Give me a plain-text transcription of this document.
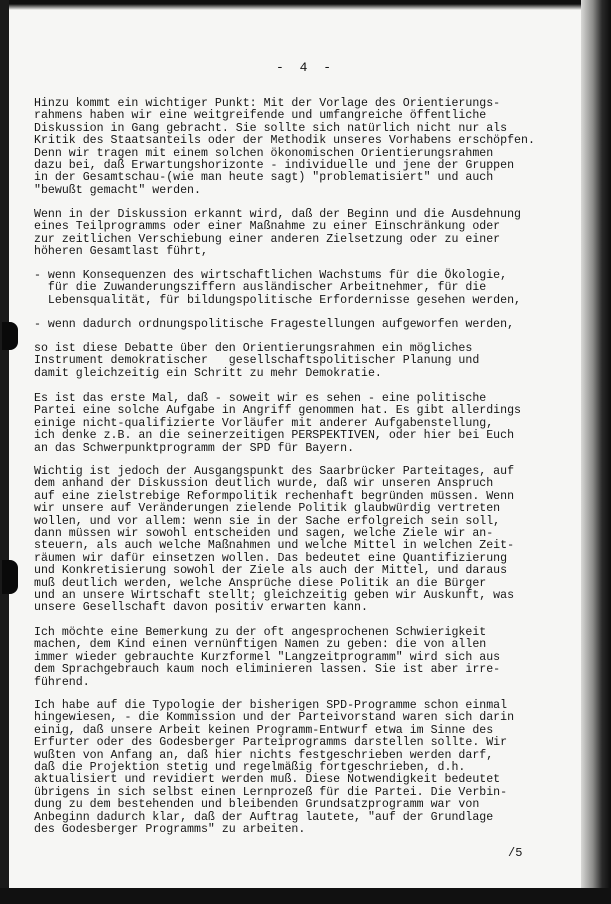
- 4 -
Hinzu kommt ein wichtiger Punkt: Mit der Vorlage des Orientierungs-
rahmens haben wir eine weitgreifende und umfangreiche öffentliche
Diskussion in Gang gebracht. Sie sollte sich natürlich nicht nur als
Kritik des Staatsanteils oder der Methodik unseres Vorhabens erschöpfen.
Denn wir tragen mit einem solchen ökonomischen Orientierungsrahmen
dazu bei, daß Erwartungshorizonte - individuelle und jene der Gruppen
in der Gesamtschau-(wie man heute sagt) "problematisiert" und auch
"bewußt gemacht" werden.
Wenn in der Diskussion erkannt wird, daß der Beginn und die Ausdehnung
eines Teilprogramms oder einer Maßnahme zu einer Einschränkung oder
zur zeitlichen Verschiebung einer anderen Zielsetzung oder zu einer
höheren Gesamtlast führt,
- wenn Konsequenzen des wirtschaftlichen Wachstums für die Ökologie,
für die Zuwanderungsziffern ausländischer Arbeitnehmer, für die
Lebensqualität, für bildungspolitische Erfordernisse gesehen werden,
- wenn dadurch ordnungspolitische Fragestellungen aufgeworfen werden,
so ist diese Debatte über den Orientierungsrahmen ein mögliches
Instrument demokratischer   gesellschaftspolitischer Planung und
damit gleichzeitig ein Schritt zu mehr Demokratie.
Es ist das erste Mal, daß - soweit wir es sehen - eine politische
Partei eine solche Aufgabe in Angriff genommen hat. Es gibt allerdings
einige nicht-qualifizierte Vorläufer mit anderer Aufgabenstellung,
ich denke z.B. an die seinerzeitigen PERSPEKTIVEN, oder hier bei Euch
an das Schwerpunktprogramm der SPD für Bayern.
Wichtig ist jedoch der Ausgangspunkt des Saarbrücker Parteitages, auf
dem anhand der Diskussion deutlich wurde, daß wir unseren Anspruch
auf eine zielstrebige Reformpolitik rechenhaft begründen müssen. Wenn
wir unsere auf Veränderungen zielende Politik glaubwürdig vertreten
wollen, und vor allem: wenn sie in der Sache erfolgreich sein soll,
dann müssen wir sowohl entscheiden und sagen, welche Ziele wir an-
steuern, als auch welche Maßnahmen und welche Mittel in welchen Zeit-
räumen wir dafür einsetzen wollen. Das bedeutet eine Quantifizierung
und Konkretisierung sowohl der Ziele als auch der Mittel, und daraus
muß deutlich werden, welche Ansprüche diese Politik an die Bürger
und an unsere Wirtschaft stellt; gleichzeitig geben wir Auskunft, was
unsere Gesellschaft davon positiv erwarten kann.
Ich möchte eine Bemerkung zu der oft angesprochenen Schwierigkeit
machen, dem Kind einen vernünftigen Namen zu geben: die von allen
immer wieder gebrauchte Kurzformel "Langzeitprogramm" wird sich aus
dem Sprachgebrauch kaum noch eliminieren lassen. Sie ist aber irre-
führend.
Ich habe auf die Typologie der bisherigen SPD-Programme schon einmal
hingewiesen, - die Kommission und der Parteivorstand waren sich darin
einig, daß unsere Arbeit keinen Programm-Entwurf etwa im Sinne des
Erfurter oder des Godesberger Parteiprogramms darstellen sollte. Wir
wußten von Anfang an, daß hier nichts festgeschrieben werden darf,
daß die Projektion stetig und regelmäßig fortgeschrieben, d.h.
aktualisiert und revidiert werden muß. Diese Notwendigkeit bedeutet
übrigens in sich selbst einen Lernprozeß für die Partei. Die Verbin-
dung zu dem bestehenden und bleibenden Grundsatzprogramm war von
Anbeginn dadurch klar, daß der Auftrag lautete, "auf der Grundlage
des Godesberger Programms" zu arbeiten.
/5
